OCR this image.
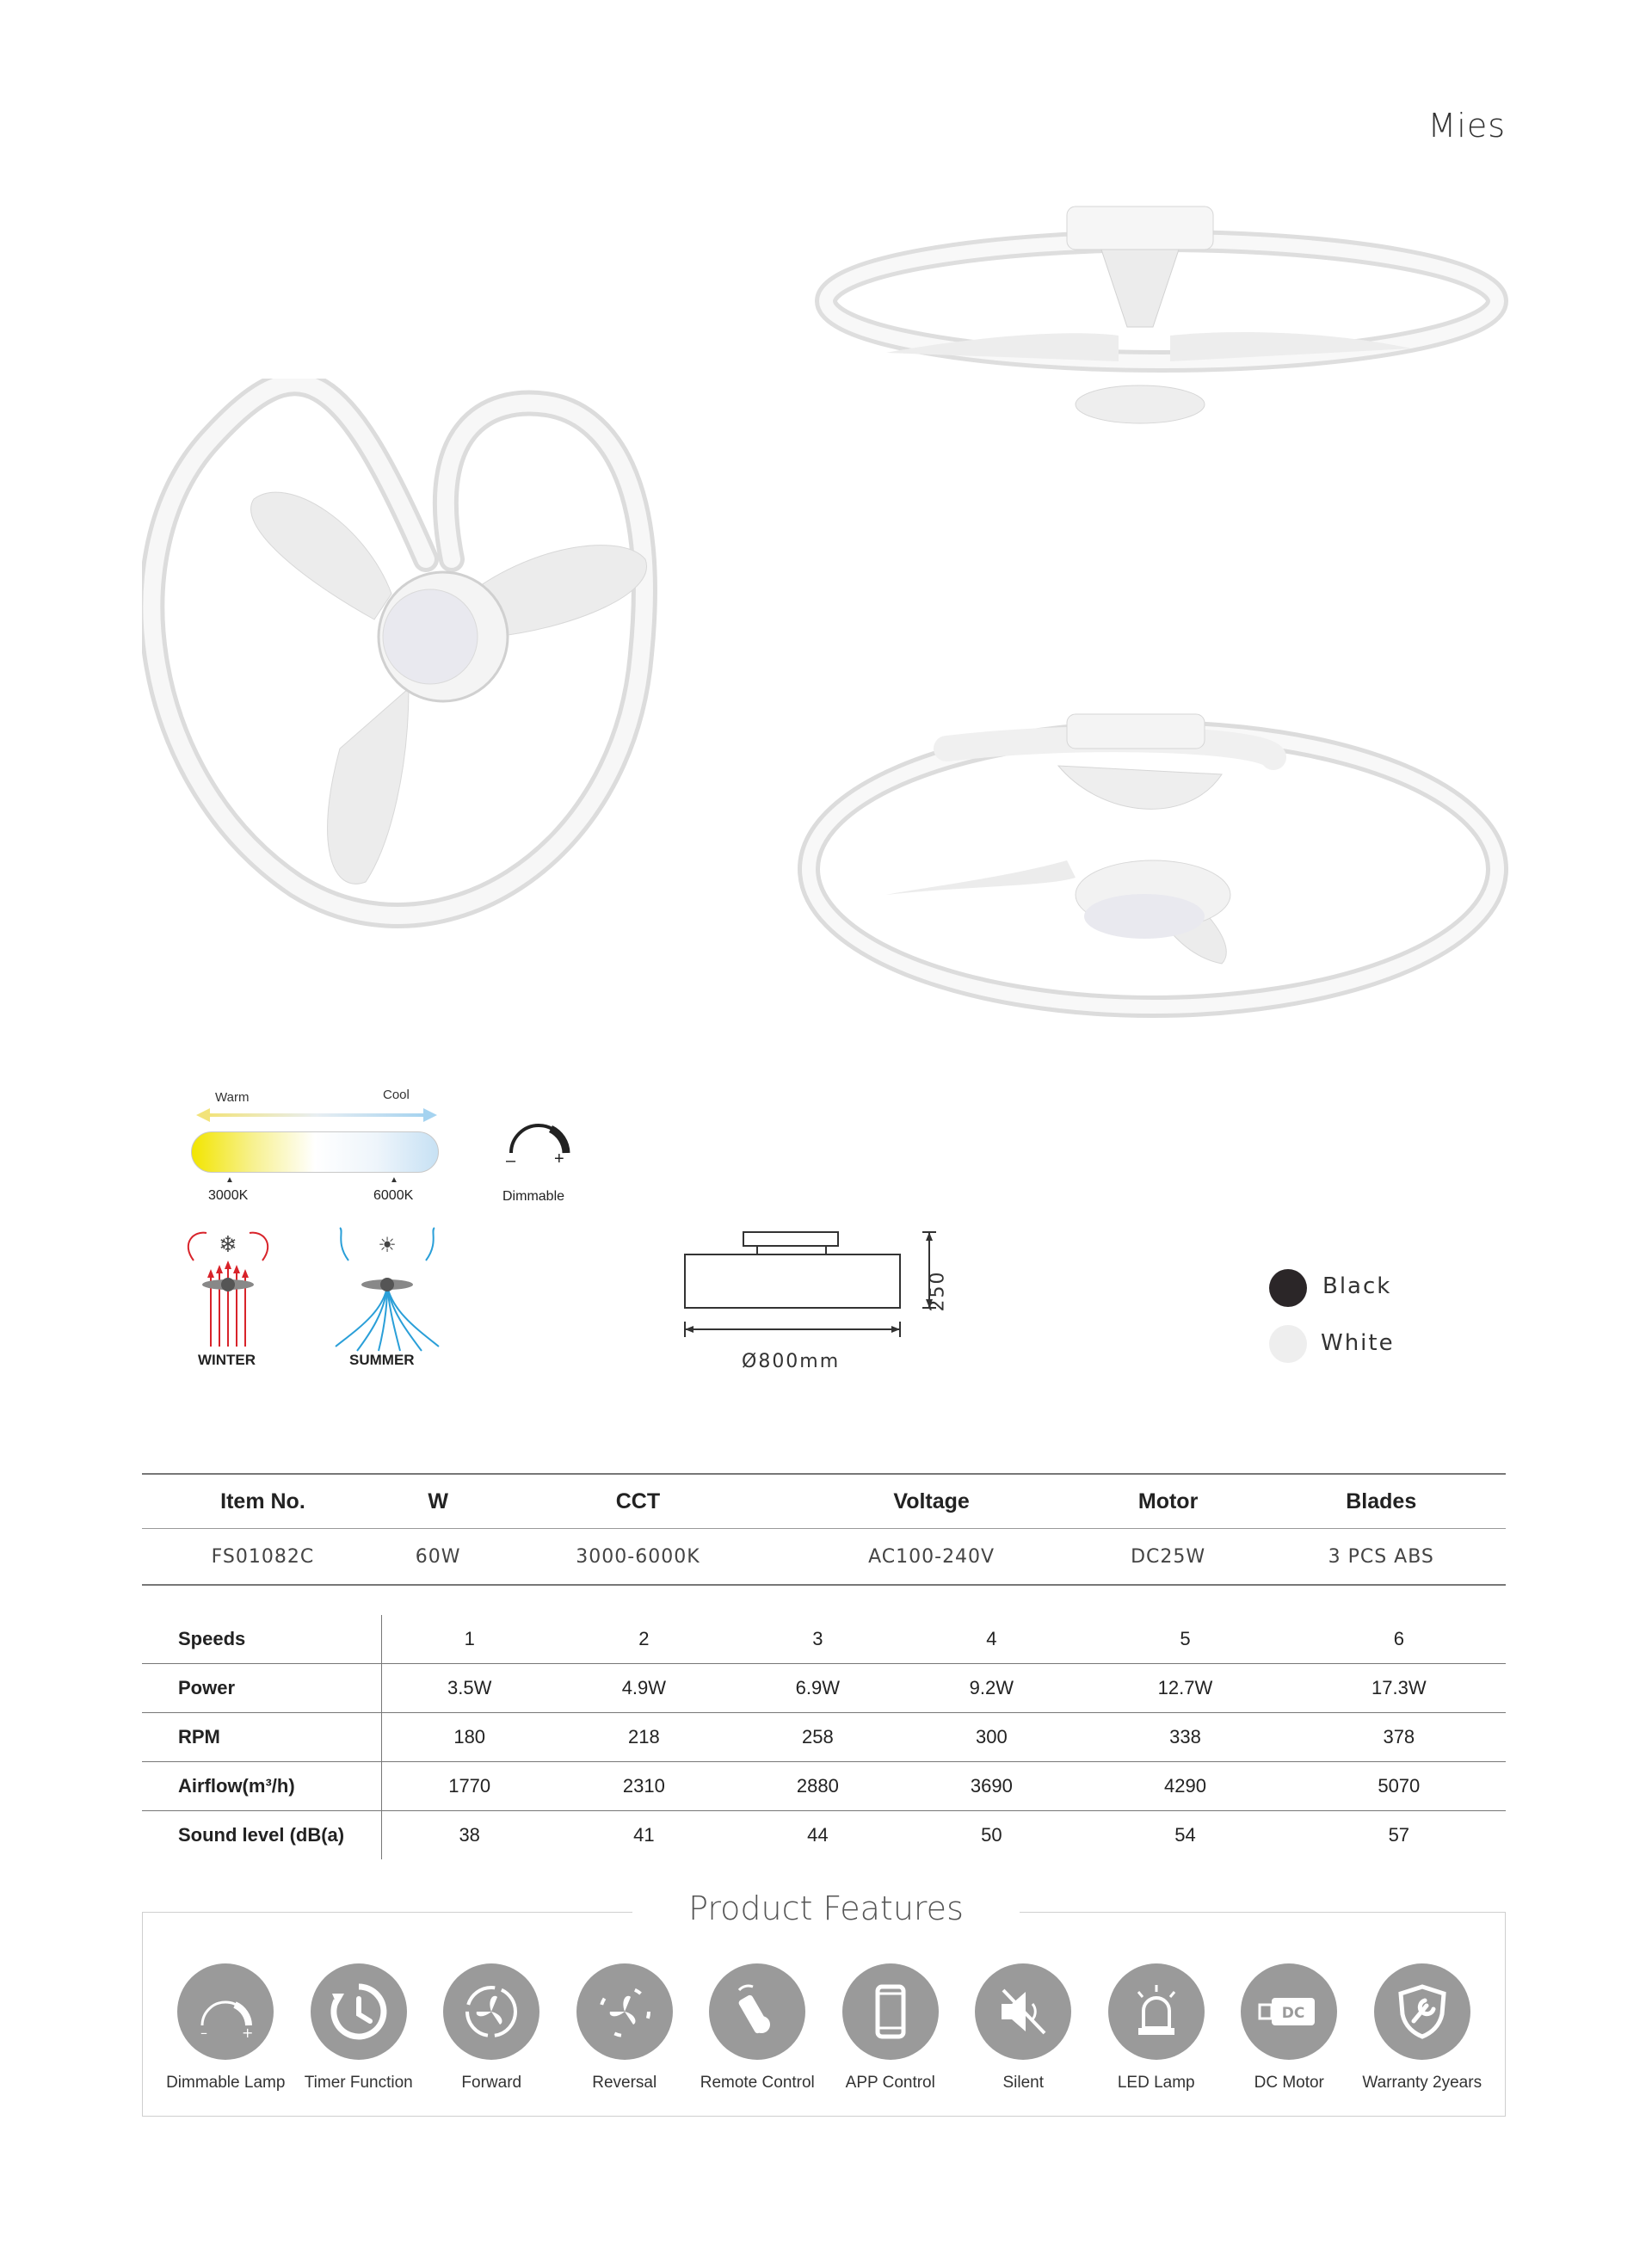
Mies
Warm	Cool
▲	▲
3000K	6000K
– +
Dimmable
❄
WINTER
☀
SUMMER
250
Ø800mm
Black
White
Item No.	W	CCT	Voltage	Motor	Blades
FS01082C	60W	3000-6000K	AC100-240V	DC25W	3 PCS ABS
Speeds	1	2	3	4	5	6
Power	3.5W	4.9W	6.9W	9.2W	12.7W	17.3W
RPM	180	218	258	300	338	378
Airflow(m³/h)	1770	2310	2880	3690	4290	5070
Sound level (dB(a)	38	41	44	50	54	57
Product Features
–	+
Dimmable Lamp Timer Function	Forward	Reversal	Remote Control APP Control	Silent	LED Lamp
DC
DC Motor Warranty 2years
